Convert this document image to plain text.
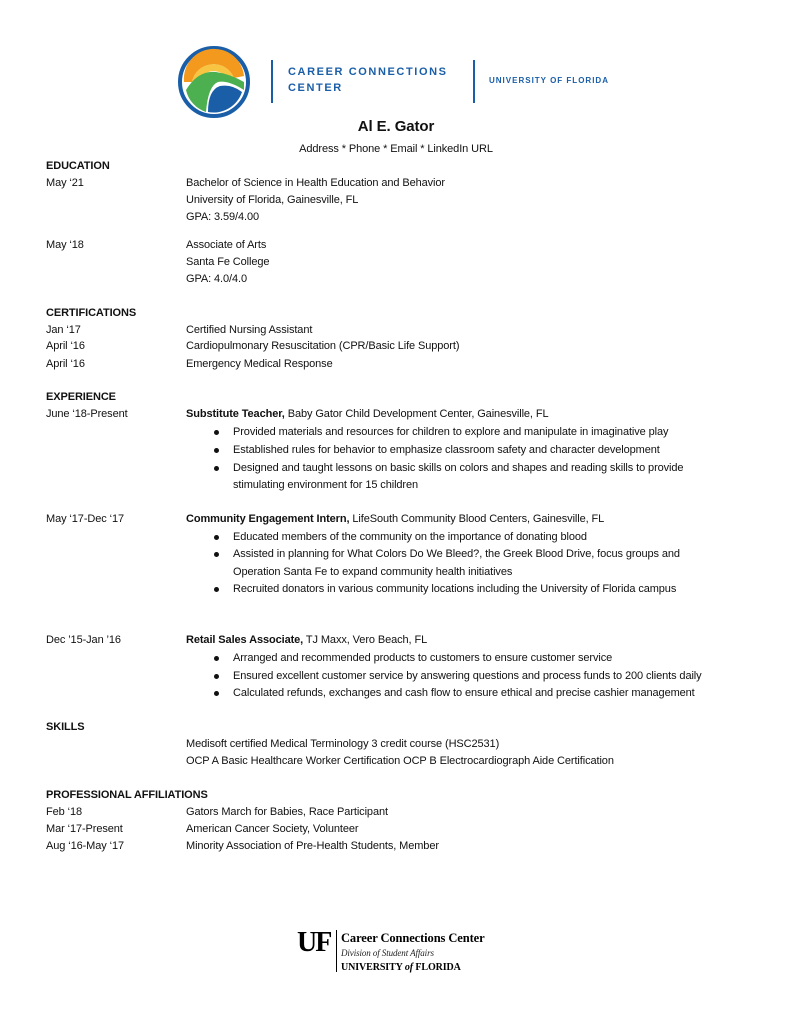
CAREER CONNECTIONS
CENTER
UNIVERSITY OF FLORIDA
Al E. Gator
Address * Phone * Email * LinkedIn URL
EDUCATION
May ‘21	Bachelor of Science in Health Education and Behavior
University of Florida, Gainesville, FL
GPA: 3.59/4.00
May ‘18	Associate of Arts
Santa Fe College
GPA: 4.0/4.0
CERTIFICATIONS
Jan ‘17	Certified Nursing Assistant
April ‘16	Cardiopulmonary Resuscitation (CPR/Basic Life Support)
April ‘16	Emergency Medical Response
EXPERIENCE
June ‘18-Present	Substitute Teacher, Baby Gator Child Development Center, Gainesville, FL
Provided materials and resources for children to explore and manipulate in imaginative play
Established rules for behavior to emphasize classroom safety and character development
Designed and taught lessons on basic skills on colors and shapes and reading skills to provide
stimulating environment for 15 children
May ‘17-Dec ‘17	Community Engagement Intern, LifeSouth Community Blood Centers, Gainesville, FL
Educated members of the community on the importance of donating blood
Assisted in planning for What Colors Do We Bleed?, the Greek Blood Drive, focus groups and
Operation Santa Fe to expand community health initiatives
Recruited donators in various community locations including the University of Florida campus
Dec ’15-Jan ’16	Retail Sales Associate, TJ Maxx, Vero Beach, FL
Arranged and recommended products to customers to ensure customer service
Ensured excellent customer service by answering questions and process funds to 200 clients daily
Calculated refunds, exchanges and cash flow to ensure ethical and precise cashier management
SKILLS
Medisoft certified Medical Terminology 3 credit course (HSC2531)
OCP A Basic Healthcare Worker Certification OCP B Electrocardiograph Aide Certification
PROFESSIONAL AFFILIATIONS
Feb ‘18	Gators March for Babies, Race Participant
Mar ‘17-Present	American Cancer Society, Volunteer
Aug ‘16-May ‘17	Minority Association of Pre-Health Students, Member
UF Career Connections Center
Division of Student Affairs
UNIVERSITY of FLORIDA
